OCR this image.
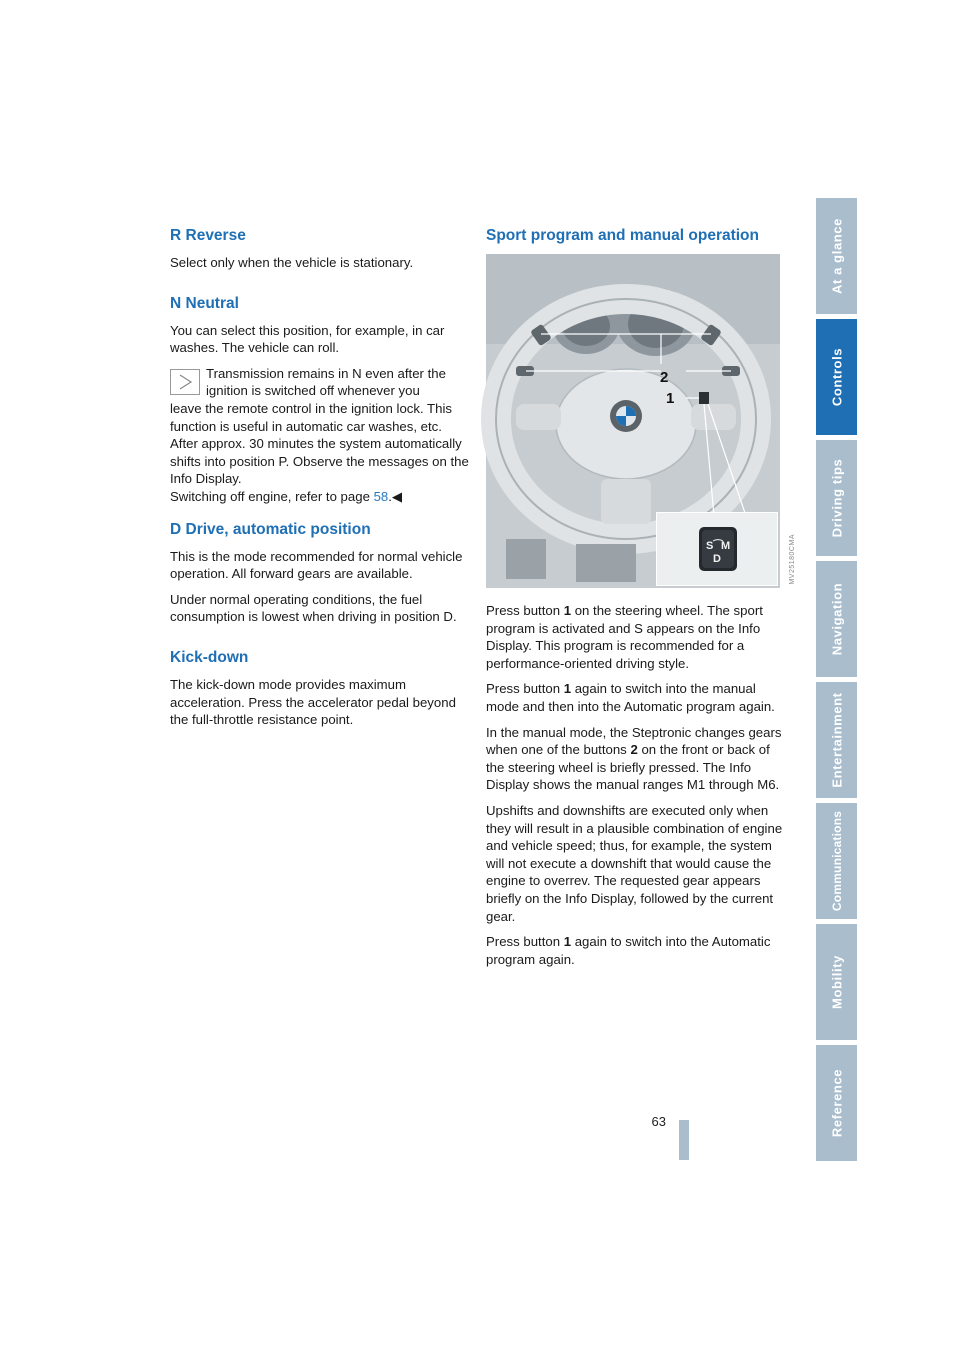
R Reverse

Select only when the vehicle is stationary.

N Neutral

You can select this position, for example, in car washes. The vehicle can roll.

Transmission remains in N even after the ignition is switched off whenever you

leave the remote control in the ignition lock. This function is useful in automatic car washes, etc.

After approx. 30 minutes the system automatically shifts into position P. Observe the messages on the Info Display.

Switching off engine, refer to page 58.◀

D Drive, automatic position

This is the mode recommended for normal vehicle operation. All forward gears are available.

Under normal operating conditions, the fuel consumption is lowest when driving in position D.

Kick-down

The kick-down mode provides maximum acceleration. Press the accelerator pedal beyond the full-throttle resistance point.

Sport program and manual operation
2
1
S M
D	MV25180CMA

Press button 1 on the steering wheel. The sport program is activated and S appears on the Info Display. This program is recommended for a performance-oriented driving style.

Press button 1 again to switch into the manual mode and then into the Automatic program again.

In the manual mode, the Steptronic changes gears when one of the buttons 2 on the front or back of the steering wheel is briefly pressed. The Info Display shows the manual ranges M1 through M6.

Upshifts and downshifts are executed only when they will result in a plausible combination of engine and vehicle speed; thus, for example, the system will not execute a downshift that would cause the engine to overrev. The requested gear appears briefly on the Info Display, followed by the current gear.

Press button 1 again to switch into the Automatic program again.

At a glance
Controls
Driving tips
Navigation
Entertainment
Communications
Mobility
Reference
63
